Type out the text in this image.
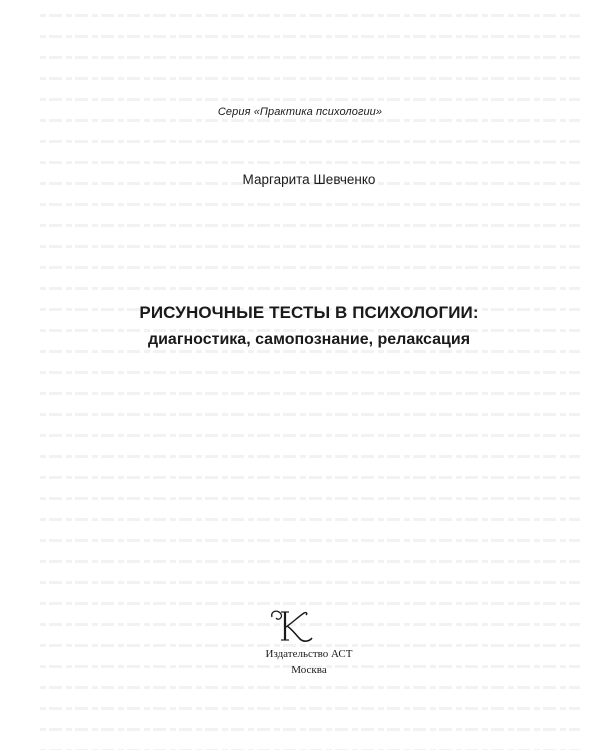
Серия «Практика психологии»
Маргарита Шевченко
РИСУНОЧНЫЕ ТЕСТЫ В ПСИХОЛОГИИ:
диагностика, самопознание, релаксация
Издательство АСТ
Москва
